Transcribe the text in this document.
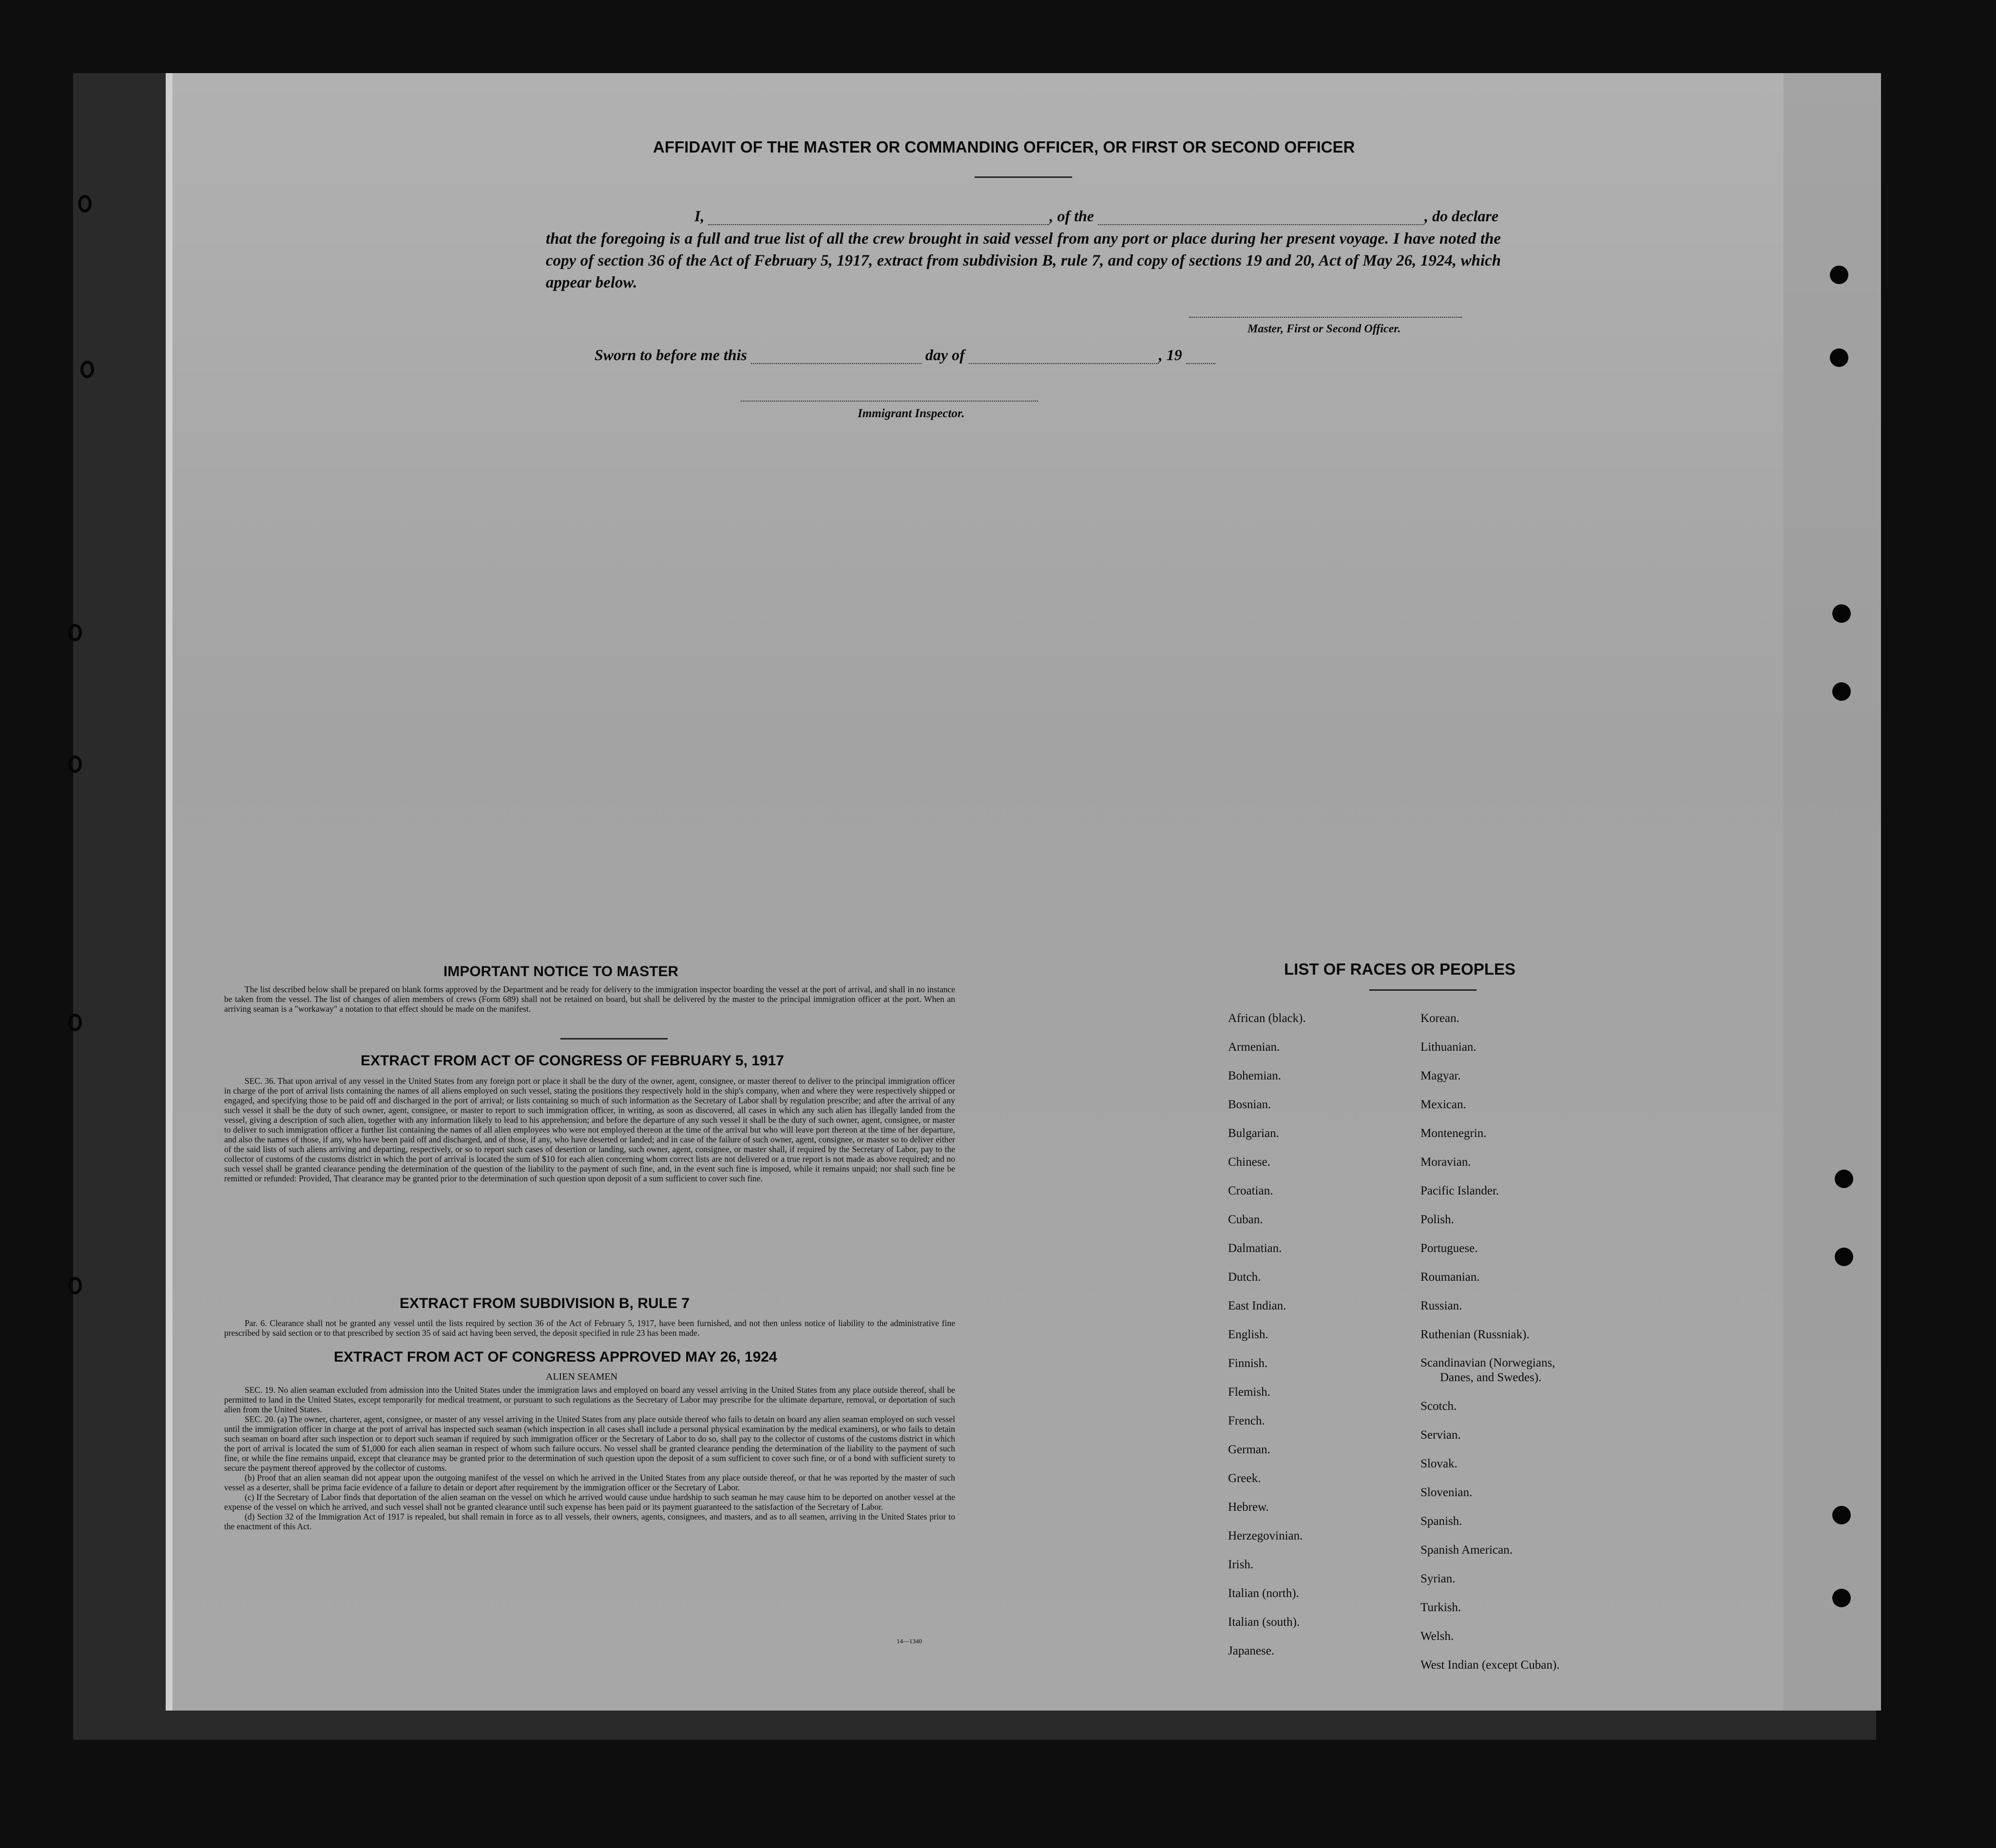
AFFIDAVIT OF THE MASTER OR COMMANDING OFFICER, OR FIRST OR SECOND OFFICER
I,	, of the	, do declare

that the foregoing is a full and true list of all the crew brought in said vessel from any port or place during her present voyage. I have noted the copy of section 36 of the Act of February 5, 1917, extract from subdivision B, rule 7, and copy of sections 19 and 20, Act of May 26, 1924, which appear below.

Master, First or Second Officer.
Sworn to before me this	day of	, 19
Immigrant Inspector.
IMPORTANT NOTICE TO MASTER

The list described below shall be prepared on blank forms approved by the Department and be ready for delivery to the immigration inspector boarding the vessel at the port of arrival, and shall in no instance be taken from the vessel. The list of changes of alien members of crews (Form 689) shall not be retained on board, but shall be delivered by the master to the principal immigration officer at the port. When an arriving seaman is a "workaway" a notation to that effect should be made on the manifest.

EXTRACT FROM ACT OF CONGRESS OF FEBRUARY 5, 1917

SEC. 36. That upon arrival of any vessel in the United States from any foreign port or place it shall be the duty of the owner, agent, consignee, or master thereof to deliver to the principal immigration officer in charge of the port of arrival lists containing the names of all aliens employed on such vessel, stating the positions they respectively hold in the ship's company, when and where they were respectively shipped or engaged, and specifying those to be paid off and discharged in the port of arrival; or lists containing so much of such information as the Secretary of Labor shall by regulation prescribe; and after the arrival of any such vessel it shall be the duty of such owner, agent, consignee, or master to report to such immigration officer, in writing, as soon as discovered, all cases in which any such alien has illegally landed from the vessel, giving a description of such alien, together with any information likely to lead to his apprehension; and before the departure of any such vessel it shall be the duty of such owner, agent, consignee, or master to deliver to such immigration officer a further list containing the names of all alien employees who were not employed thereon at the time of the arrival but who will leave port thereon at the time of her departure, and also the names of those, if any, who have been paid off and discharged, and of those, if any, who have deserted or landed; and in case of the failure of such owner, agent, consignee, or master so to deliver either of the said lists of such aliens arriving and departing, respectively, or so to report such cases of desertion or landing, such owner, agent, consignee, or master shall, if required by the Secretary of Labor, pay to the collector of customs of the customs district in which the port of arrival is located the sum of $10 for each alien concerning whom correct lists are not delivered or a true report is not made as above required; and no such vessel shall be granted clearance pending the determination of the question of the liability to the payment of such fine, and, in the event such fine is imposed, while it remains unpaid; nor shall such fine be remitted or refunded: Provided, That clearance may be granted prior to the determination of such question upon deposit of a sum sufficient to cover such fine.

EXTRACT FROM SUBDIVISION B, RULE 7

Par. 6. Clearance shall not be granted any vessel until the lists required by section 36 of the Act of February 5, 1917, have been furnished, and not then unless notice of liability to the administrative fine prescribed by said section or to that prescribed by section 35 of said act having been served, the deposit specified in rule 23 has been made.

EXTRACT FROM ACT OF CONGRESS APPROVED MAY 26, 1924
ALIEN SEAMEN

SEC. 19. No alien seaman excluded from admission into the United States under the immigration laws and employed on board any vessel arriving in the United States from any place outside thereof, shall be permitted to land in the United States, except temporarily for medical treatment, or pursuant to such regulations as the Secretary of Labor may prescribe for the ultimate departure, removal, or deportation of such alien from the United States.

SEC. 20. (a) The owner, charterer, agent, consignee, or master of any vessel arriving in the United States from any place outside thereof who fails to detain on board any alien seaman employed on such vessel until the immigration officer in charge at the port of arrival has inspected such seaman (which inspection in all cases shall include a personal physical examination by the medical examiners), or who fails to detain such seaman on board after such inspection or to deport such seaman if required by such immigration officer or the Secretary of Labor to do so, shall pay to the collector of customs of the customs district in which the port of arrival is located the sum of $1,000 for each alien seaman in respect of whom such failure occurs. No vessel shall be granted clearance pending the determination of the liability to the payment of such fine, or while the fine remains unpaid, except that clearance may be granted prior to the determination of such question upon the deposit of a sum sufficient to cover such fine, or of a bond with sufficient surety to secure the payment thereof approved by the collector of customs.

(b) Proof that an alien seaman did not appear upon the outgoing manifest of the vessel on which he arrived in the United States from any place outside thereof, or that he was reported by the master of such vessel as a deserter, shall be prima facie evidence of a failure to detain or deport after requirement by the immigration officer or the Secretary of Labor.

(c) If the Secretary of Labor finds that deportation of the alien seaman on the vessel on which he arrived would cause undue hardship to such seaman he may cause him to be deported on another vessel at the expense of the vessel on which he arrived, and such vessel shall not be granted clearance until such expense has been paid or its payment guaranteed to the satisfaction of the Secretary of Labor.

(d) Section 32 of the Immigration Act of 1917 is repealed, but shall remain in force as to all vessels, their owners, agents, consignees, and masters, and as to all seamen, arriving in the United States prior to the enactment of this Act.

14—1340
LIST OF RACES OR PEOPLES
African (black).
Armenian.
Bohemian.
Bosnian.
Bulgarian.
Chinese.
Croatian.
Cuban.
Dalmatian.
Dutch.
East Indian.
English.
Finnish.
Flemish.
French.
German.
Greek.
Hebrew.
Herzegovinian.
Irish.
Italian (north).
Italian (south).
Japanese.
Korean.
Lithuanian.
Magyar.
Mexican.
Montenegrin.
Moravian.
Pacific Islander.
Polish.
Portuguese.
Roumanian.
Russian.
Ruthenian (Russniak).
Scandinavian (Norwegians,
Danes, and Swedes).
Scotch.
Servian.
Slovak.
Slovenian.
Spanish.
Spanish American.
Syrian.
Turkish.
Welsh.
West Indian (except Cuban).
